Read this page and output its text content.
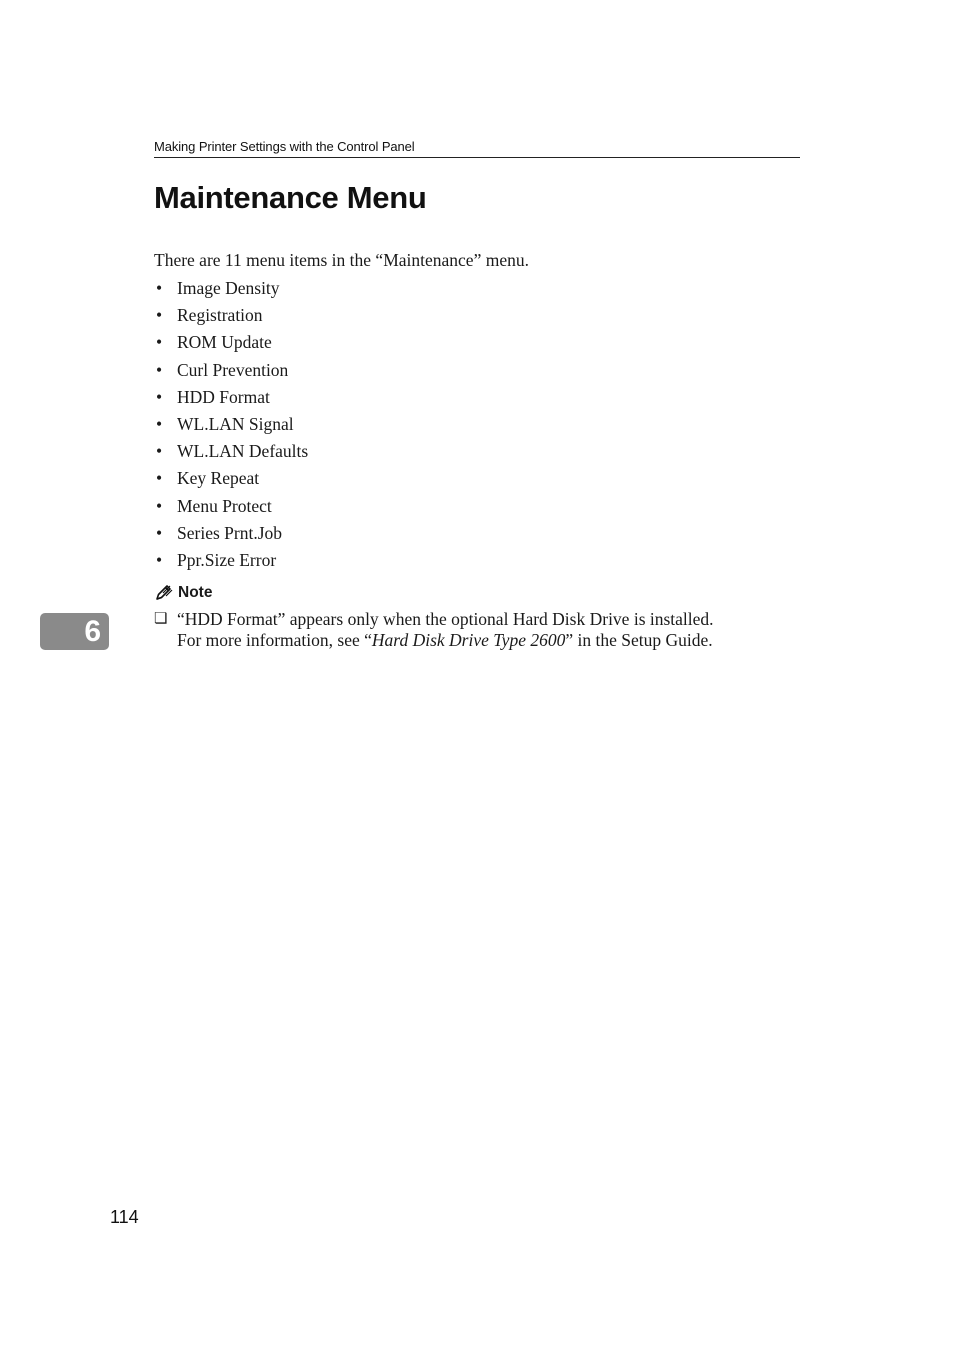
Making Printer Settings with the Control Panel
Maintenance Menu

There are 11 menu items in the “Maintenance” menu.

• Image Density
• Registration
• ROM Update
• Curl Prevention
• HDD Format
• WL.LAN Signal
• WL.LAN Defaults
• Key Repeat
• Menu Protect
• Series Prnt.Job
• Ppr.Size Error
Note
❏ “HDD Format” appears only when the optional Hard Disk Drive is installed.
For more information, see “Hard Disk Drive Type 2600” in the Setup Guide.
6
114
